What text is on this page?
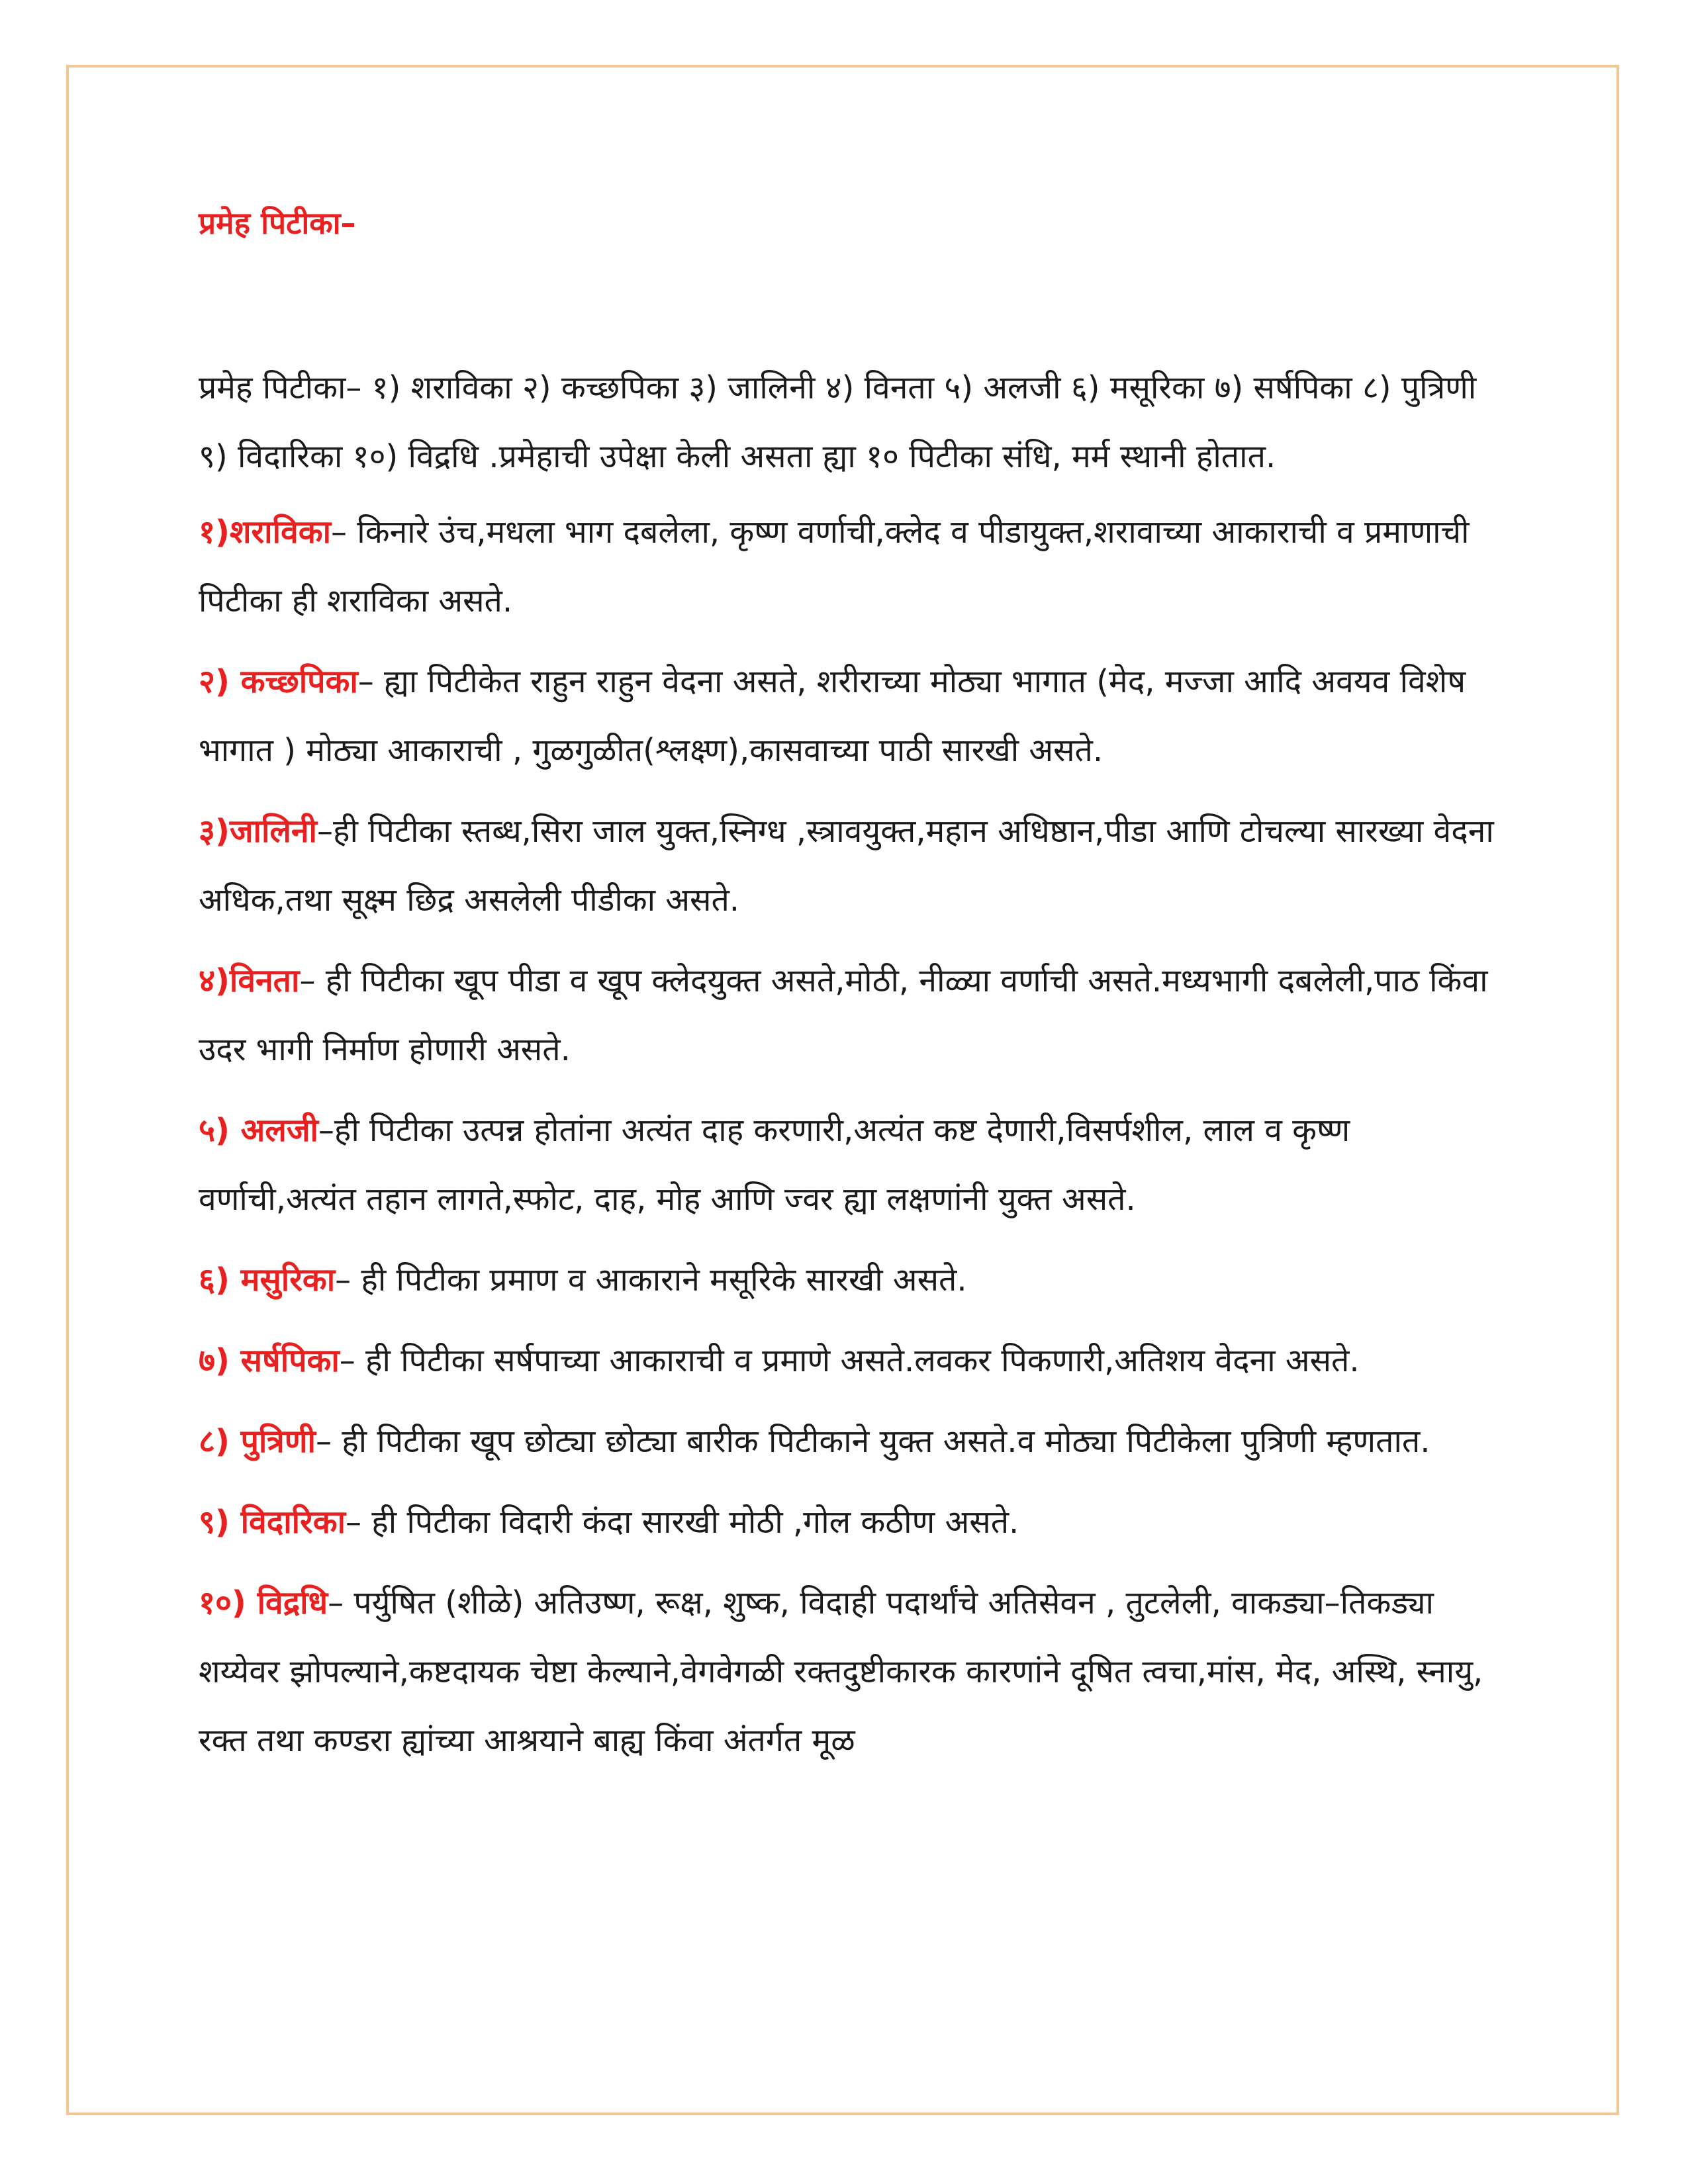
प्रमेह पिटीका–

प्रमेह पिटीका– १) शराविका २) कच्छपिका ३) जालिनी ४) विनता ५) अलजी ६) मसूरिका ७) सर्षपिका ८) पुत्रिणी ९) विदारिका १०) विद्रधि .प्रमेहाची उपेक्षा केली असता ह्या १० पिटीका संधि, मर्म स्थानी होतात.

१)शराविका– किनारे उंच,मधला भाग दबलेला, कृष्ण वर्णाची,क्लेद व पीडायुक्त,शरावाच्या आकाराची व प्रमाणाची पिटीका ही शराविका असते.

२) कच्छपिका– ह्या पिटीकेत राहुन राहुन वेदना असते, शरीराच्या मोठ्या भागात (मेद, मज्जा आदि अवयव विशेष भागात ) मोठ्या आकाराची , गुळगुळीत(श्लक्ष्ण),कासवाच्या पाठी सारखी असते.

३)जालिनी–ही पिटीका स्तब्ध,सिरा जाल युक्त,स्निग्ध ,स्त्रावयुक्त,महान अधिष्ठान,पीडा आणि टोचल्या सारख्या वेदना अधिक,तथा सूक्ष्म छिद्र असलेली पीडीका असते.

४)विनता– ही पिटीका खूप पीडा व खूप क्लेदयुक्त असते,मोठी, नीळ्या वर्णाची असते.मध्यभागी दबलेली,पाठ किंवा उदर भागी निर्माण होणारी असते.

५) अलजी–ही पिटीका उत्पन्न होतांना अत्यंत दाह करणारी,अत्यंत कष्ट देणारी,विसर्पशील, लाल व कृष्ण वर्णाची,अत्यंत तहान लागते,स्फोट, दाह, मोह आणि ज्वर ह्या लक्षणांनी युक्त असते.

६) मसुरिका– ही पिटीका प्रमाण व आकाराने मसूरिके सारखी असते.

७) सर्षपिका– ही पिटीका सर्षपाच्या आकाराची व प्रमाणे असते.लवकर पिकणारी,अतिशय वेदना असते.

८) पुत्रिणी– ही पिटीका खूप छोट्या छोट्या बारीक पिटीकाने युक्त असते.व मोठ्या पिटीकेला पुत्रिणी म्हणतात.

९) विदारिका– ही पिटीका विदारी कंदा सारखी मोठी ,गोल कठीण असते.

१०) विद्रधि– पर्युषित (शीळे) अतिउष्ण, रूक्ष, शुष्क, विदाही पदार्थांचे अतिसेवन , तुटलेली, वाकड्या–तिकड्या शय्येवर झोपल्याने,कष्टदायक चेष्टा केल्याने,वेगवेगळी रक्तदुष्टीकारक कारणांने दूषित त्वचा,मांस, मेद, अस्थि, स्नायु, रक्त तथा कण्डरा ह्यांच्या आश्रयाने बाह्य किंवा अंतर्गत मूळ
